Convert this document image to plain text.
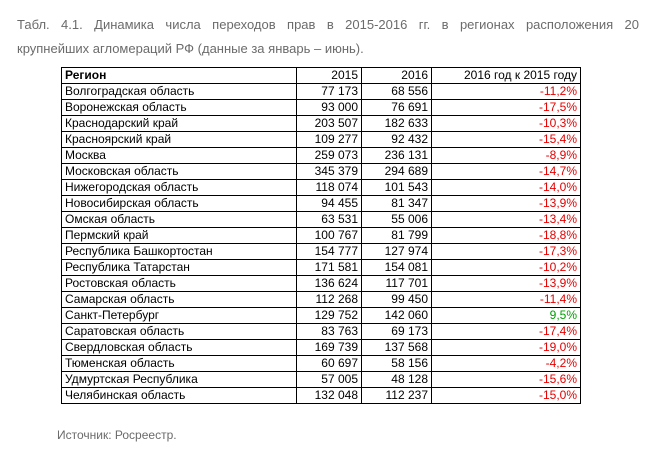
Табл. 4.1. Динамика числа переходов прав в 2015-2016 гг. в регионах расположения 20
крупнейших агломераций РФ (данные за январь – июнь).
Регион	2015	2016	2016 год к 2015 году
Волгоградская область	77 173	68 556	-11,2%
Воронежская область	93 000	76 691	-17,5%
Краснодарский край	203 507	182 633	-10,3%
Красноярский край	109 277	92 432	-15,4%
Москва	259 073	236 131	-8,9%
Московская область	345 379	294 689	-14,7%
Нижегородская область	118 074	101 543	-14,0%
Новосибирская область	94 455	81 347	-13,9%
Омская область	63 531	55 006	-13,4%
Пермский край	100 767	81 799	-18,8%
Республика Башкортостан	154 777	127 974	-17,3%
Республика Татарстан	171 581	154 081	-10,2%
Ростовская область	136 624	117 701	-13,9%
Самарская область	112 268	99 450	-11,4%
Санкт-Петербург	129 752	142 060	9,5%
Саратовская область	83 763	69 173	-17,4%
Свердловская область	169 739	137 568	-19,0%
Тюменская область	60 697	58 156	-4,2%
Удмуртская Республика	57 005	48 128	-15,6%
Челябинская область	132 048	112 237	-15,0%
Источник: Росреестр.
